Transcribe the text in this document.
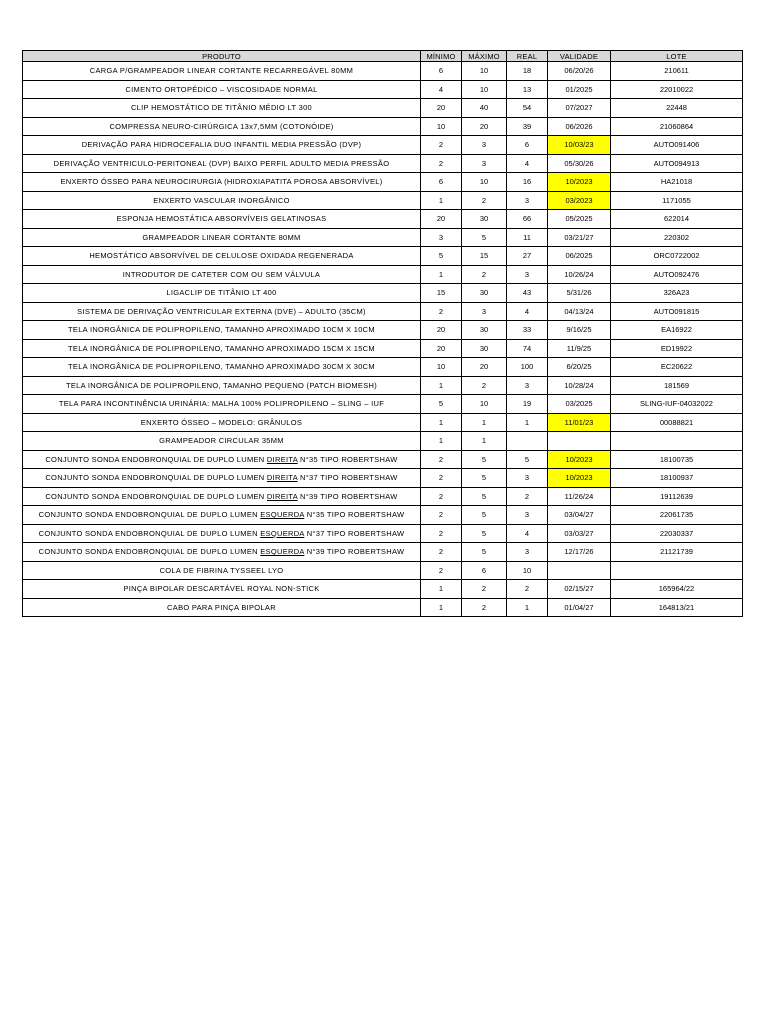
PRODUTO	MÍNIMO	MÁXIMO	REAL	VALIDADE	LOTE
CARGA P/GRAMPEADOR LINEAR CORTANTE RECARREGÁVEL 80MM	6	10	18	06/20/26	210611
CIMENTO ORTOPÉDICO – VISCOSIDADE NORMAL	4	10	13	01/2025	22010022
CLIP HEMOSTÁTICO DE TITÂNIO MÉDIO LT 300	20	40	54	07/2027	22448
COMPRESSA NEURO-CIRÚRGICA 13x7,5MM (COTONÓIDE)	10	20	39	06/2026	21060864
DERIVAÇÃO PARA HIDROCEFALIA DUO INFANTIL MEDIA PRESSÃO (DVP)	2	3	6	10/03/23	AUTO091406
DERIVAÇÃO VENTRICULO-PERITONEAL (DVP) BAIXO PERFIL ADULTO MEDIA PRESSÃO	2	3	4	05/30/26	AUTO094913
ENXERTO ÓSSEO PARA NEUROCIRURGIA (HIDROXIAPATITA POROSA ABSORVÍVEL)	6	10	16	10/2023	HA21018
ENXERTO VASCULAR INORGÂNICO	1	2	3	03/2023	1171055
ESPONJA HEMOSTÁTICA ABSORVÍVEIS GELATINOSAS	20	30	66	05/2025	622014
GRAMPEADOR LINEAR CORTANTE 80MM	3	5	11	03/21/27	220302
HEMOSTÁTICO ABSORVÍVEL DE CELULOSE OXIDADA REGENERADA	5	15	27	06/2025	ORC0722002
INTRODUTOR DE CATETER COM OU SEM VÁLVULA	1	2	3	10/26/24	AUTO092476
LIGACLIP DE TITÂNIO LT 400	15	30	43	5/31/26	326A23
SISTEMA DE DERIVAÇÃO VENTRICULAR EXTERNA (DVE) – ADULTO (35CM)	2	3	4	04/13/24	AUTO091815
TELA INORGÂNICA DE POLIPROPILENO, TAMANHO APROXIMADO 10CM X 10CM	20	30	33	9/16/25	EA16922
TELA INORGÂNICA DE POLIPROPILENO, TAMANHO APROXIMADO 15CM X 15CM	20	30	74	11/9/25	ED19922
TELA INORGÂNICA DE POLIPROPILENO, TAMANHO APROXIMADO 30CM X 30CM	10	20	100	6/20/25	EC20622
TELA INORGÂNICA DE POLIPROPILENO, TAMANHO PEQUENO (PATCH BIOMESH)	1	2	3	10/28/24	181569
TELA PARA INCONTINÊNCIA URINÁRIA: MALHA 100% POLIPROPILENO – SLING – IUF	5	10	19	03/2025	SLING-IUF-04032022
ENXERTO ÓSSEO – MODELO: GRÂNULOS	1	1	1	11/01/23	00088821
GRAMPEADOR CIRCULAR 35MM	1	1			
CONJUNTO SONDA ENDOBRONQUIAL DE DUPLO LUMEN DIREITA N°35 TIPO ROBERTSHAW	2	5	5	10/2023	18100735
CONJUNTO SONDA ENDOBRONQUIAL DE DUPLO LUMEN DIREITA N°37 TIPO ROBERTSHAW	2	5	3	10/2023	18100937
CONJUNTO SONDA ENDOBRONQUIAL DE DUPLO LUMEN DIREITA N°39 TIPO ROBERTSHAW	2	5	2	11/26/24	19112639
CONJUNTO SONDA ENDOBRONQUIAL DE DUPLO LUMEN ESQUERDA N°35 TIPO ROBERTSHAW	2	5	3	03/04/27	22061735
CONJUNTO SONDA ENDOBRONQUIAL DE DUPLO LUMEN ESQUERDA N°37 TIPO ROBERTSHAW	2	5	4	03/03/27	22030337
CONJUNTO SONDA ENDOBRONQUIAL DE DUPLO LUMEN ESQUERDA N°39 TIPO ROBERTSHAW	2	5	3	12/17/26	21121739
COLA DE FIBRINA TYSSEEL LYO	2	6	10		
PINÇA BIPOLAR DESCARTÁVEL ROYAL NON-STICK	1	2	2	02/15/27	165964/22
CABO PARA PINÇA BIPOLAR	1	2	1	01/04/27	164813/21
